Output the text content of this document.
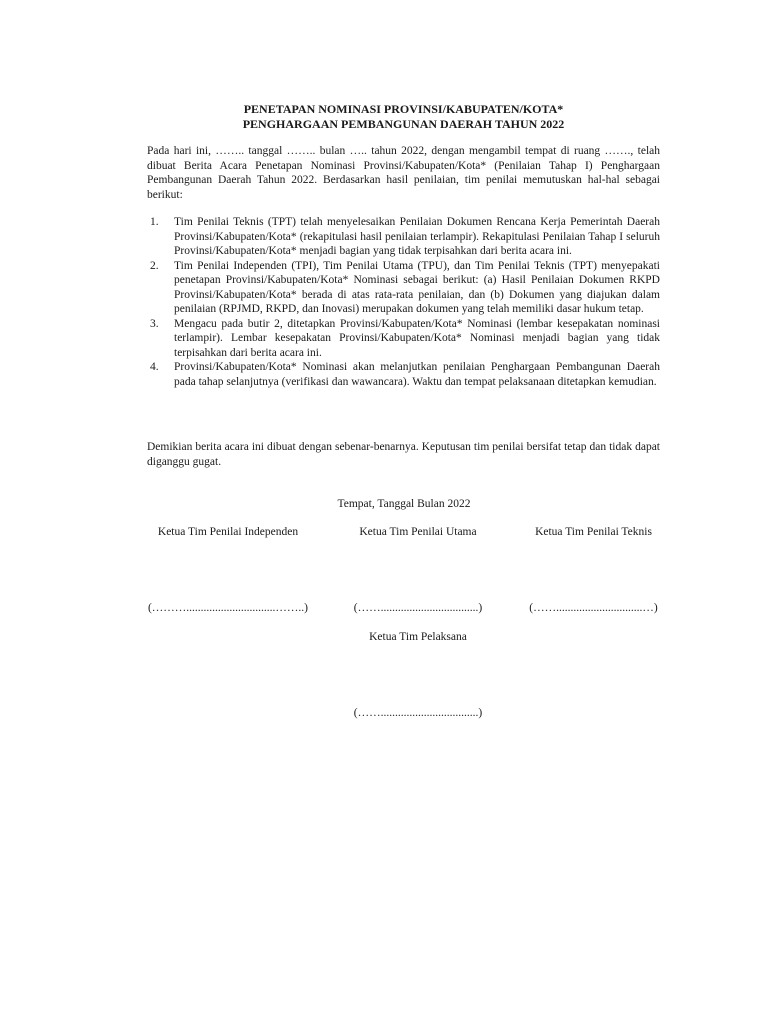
PENETAPAN NOMINASI PROVINSI/KABUPATEN/KOTA*
PENGHARGAAN PEMBANGUNAN DAERAH TAHUN 2022
Pada hari ini, …….. tanggal …….. bulan ….. tahun 2022, dengan mengambil tempat di ruang ……., telah dibuat Berita Acara Penetapan Nominasi Provinsi/Kabupaten/Kota* (Penilaian Tahap I) Penghargaan Pembangunan Daerah Tahun 2022. Berdasarkan hasil penilaian, tim penilai memutuskan hal-hal sebagai berikut:
1. Tim Penilai Teknis (TPT) telah menyelesaikan Penilaian Dokumen Rencana Kerja Pemerintah Daerah Provinsi/Kabupaten/Kota* (rekapitulasi hasil penilaian terlampir). Rekapitulasi Penilaian Tahap I seluruh Provinsi/Kabupaten/Kota* menjadi bagian yang tidak terpisahkan dari berita acara ini.
2. Tim Penilai Independen (TPI), Tim Penilai Utama (TPU), dan Tim Penilai Teknis (TPT) menyepakati penetapan Provinsi/Kabupaten/Kota* Nominasi sebagai berikut: (a) Hasil Penilaian Dokumen RKPD Provinsi/Kabupaten/Kota* berada di atas rata-rata penilaian, dan (b) Dokumen yang diajukan dalam penilaian (RPJMD, RKPD, dan Inovasi) merupakan dokumen yang telah memiliki dasar hukum tetap.
3. Mengacu pada butir 2, ditetapkan Provinsi/Kabupaten/Kota* Nominasi (lembar kesepakatan nominasi terlampir). Lembar kesepakatan Provinsi/Kabupaten/Kota* Nominasi menjadi bagian yang tidak terpisahkan dari berita acara ini.
4. Provinsi/Kabupaten/Kota* Nominasi akan melanjutkan penilaian Penghargaan Pembangunan Daerah pada tahap selanjutnya (verifikasi dan wawancara). Waktu dan tempat pelaksanaan ditetapkan kemudian.
Demikian berita acara ini dibuat dengan sebenar-benarnya. Keputusan tim penilai bersifat tetap dan tidak dapat diganggu gugat.
Tempat, Tanggal Bulan 2022
Ketua Tim Penilai Independen
(………...............................……..)
Ketua Tim Penilai Utama
(……..................................)
Ketua Tim Penilai Teknis
(……..............................…)
Ketua Tim Pelaksana
(……..................................)
